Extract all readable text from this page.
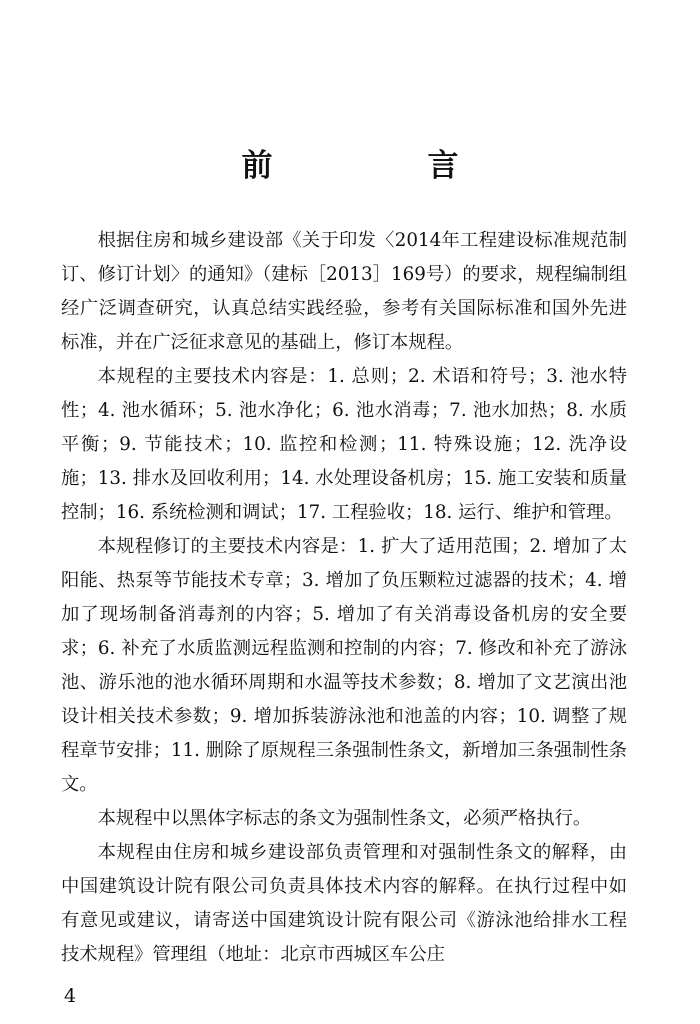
前　言

根据住房和城乡建设部《关于印发〈2014年工程建设标准规范制订、修订计划〉的通知》（建标［2013］169号）的要求，规程编制组经广泛调查研究，认真总结实践经验，参考有关国际标准和国外先进标准，并在广泛征求意见的基础上，修订本规程。

本规程的主要技术内容是：1. 总则；2. 术语和符号；3. 池水特性；4. 池水循环；5. 池水净化；6. 池水消毒；7. 池水加热；8. 水质平衡；9. 节能技术；10. 监控和检测；11. 特殊设施；12. 洗净设施；13. 排水及回收利用；14. 水处理设备机房；15. 施工安装和质量控制；16. 系统检测和调试；17. 工程验收；18. 运行、维护和管理。

本规程修订的主要技术内容是：1. 扩大了适用范围；2. 增加了太阳能、热泵等节能技术专章；3. 增加了负压颗粒过滤器的技术；4. 增加了现场制备消毒剂的内容；5. 增加了有关消毒设备机房的安全要求；6. 补充了水质监测远程监测和控制的内容；7. 修改和补充了游泳池、游乐池的池水循环周期和水温等技术参数；8. 增加了文艺演出池设计相关技术参数；9. 增加拆装游泳池和池盖的内容；10. 调整了规程章节安排；11. 删除了原规程三条强制性条文，新增加三条强制性条文。

本规程中以黑体字标志的条文为强制性条文，必须严格执行。

本规程由住房和城乡建设部负责管理和对强制性条文的解释，由中国建筑设计院有限公司负责具体技术内容的解释。在执行过程中如有意见或建议，请寄送中国建筑设计院有限公司《游泳池给排水工程技术规程》管理组（地址：北京市西城区车公庄

4
